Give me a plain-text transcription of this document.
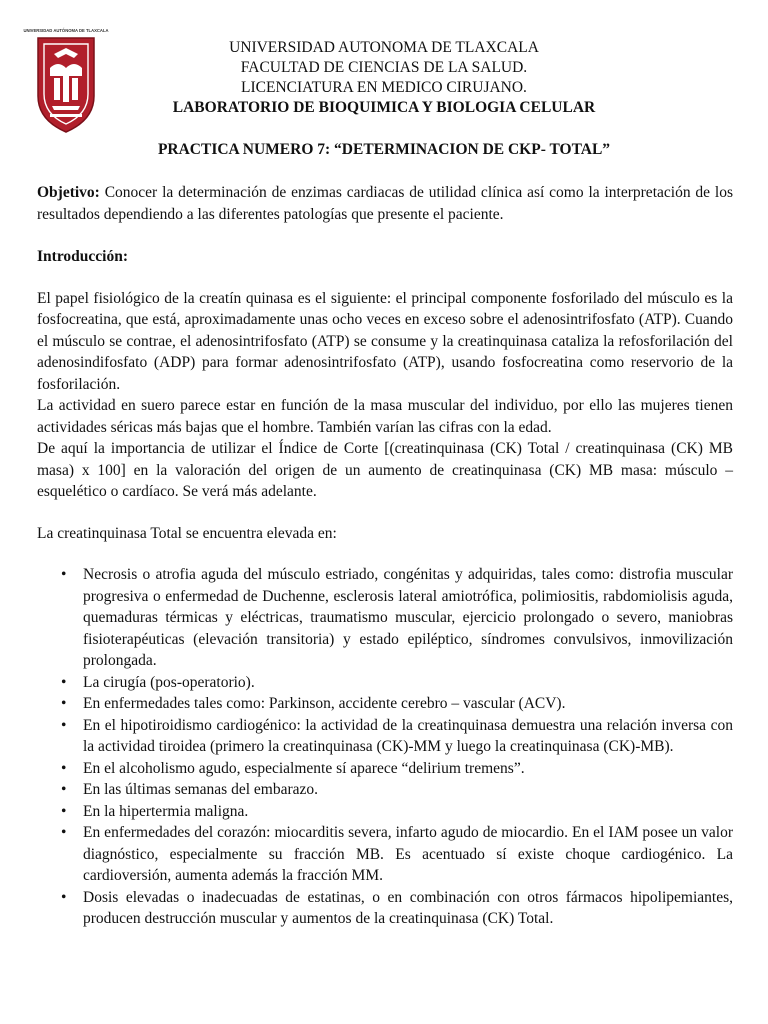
UNIVERSIDAD AUTÓNOMA DE TLAXCALA
UNIVERSIDAD AUTONOMA DE TLAXCALA
FACULTAD DE CIENCIAS DE LA SALUD.
LICENCIATURA EN MEDICO CIRUJANO.
LABORATORIO DE BIOQUIMICA Y BIOLOGIA CELULAR
PRACTICA NUMERO 7: “DETERMINACION DE CKP- TOTAL”

Objetivo: Conocer la determinación de enzimas cardiacas de utilidad clínica así como la interpretación de los resultados dependiendo a las diferentes patologías que presente el paciente.

Introducción:

El papel fisiológico de la creatín quinasa es el siguiente: el principal componente fosforilado del músculo es la fosfocreatina, que está, aproximadamente unas ocho veces en exceso sobre el adenosintrifosfato (ATP). Cuando el músculo se contrae, el adenosintrifosfato (ATP) se consume y la creatinquinasa cataliza la refosforilación del adenosindifosfato (ADP) para formar adenosintrifosfato (ATP), usando fosfocreatina como reservorio de la fosforilación.

La actividad en suero parece estar en función de la masa muscular del individuo, por ello las mujeres tienen actividades séricas más bajas que el hombre. También varían las cifras con la edad.

De aquí la importancia de utilizar el Índice de Corte [(creatinquinasa (CK) Total / creatinquinasa (CK) MB masa) x 100] en la valoración del origen de un aumento de creatinquinasa (CK) MB masa: músculo – esquelético o cardíaco. Se verá más adelante.

La creatinquinasa Total se encuentra elevada en:

• Necrosis o atrofia aguda del músculo estriado, congénitas y adquiridas, tales como: distrofia muscular progresiva o enfermedad de Duchenne, esclerosis lateral amiotrófica, polimiositis, rabdomiolisis aguda, quemaduras térmicas y eléctricas, traumatismo muscular, ejercicio prolongado o severo, maniobras fisioterapéuticas (elevación transitoria) y estado epiléptico, síndromes convulsivos, inmovilización prolongada.
• La cirugía (pos-operatorio).
• En enfermedades tales como: Parkinson, accidente cerebro – vascular (ACV).
• En el hipotiroidismo cardiogénico: la actividad de la creatinquinasa demuestra una relación inversa con la actividad tiroidea (primero la creatinquinasa (CK)-MM y luego la creatinquinasa (CK)-MB).
• En el alcoholismo agudo, especialmente sí aparece “delirium tremens”.
• En las últimas semanas del embarazo.
• En la hipertermia maligna.
• En enfermedades del corazón: miocarditis severa, infarto agudo de miocardio. En el IAM posee un valor diagnóstico, especialmente su fracción MB. Es acentuado sí existe choque cardiogénico. La cardioversión, aumenta además la fracción MM.
• Dosis elevadas o inadecuadas de estatinas, o en combinación con otros fármacos hipolipemiantes, producen destrucción muscular y aumentos de la creatinquinasa (CK) Total.
